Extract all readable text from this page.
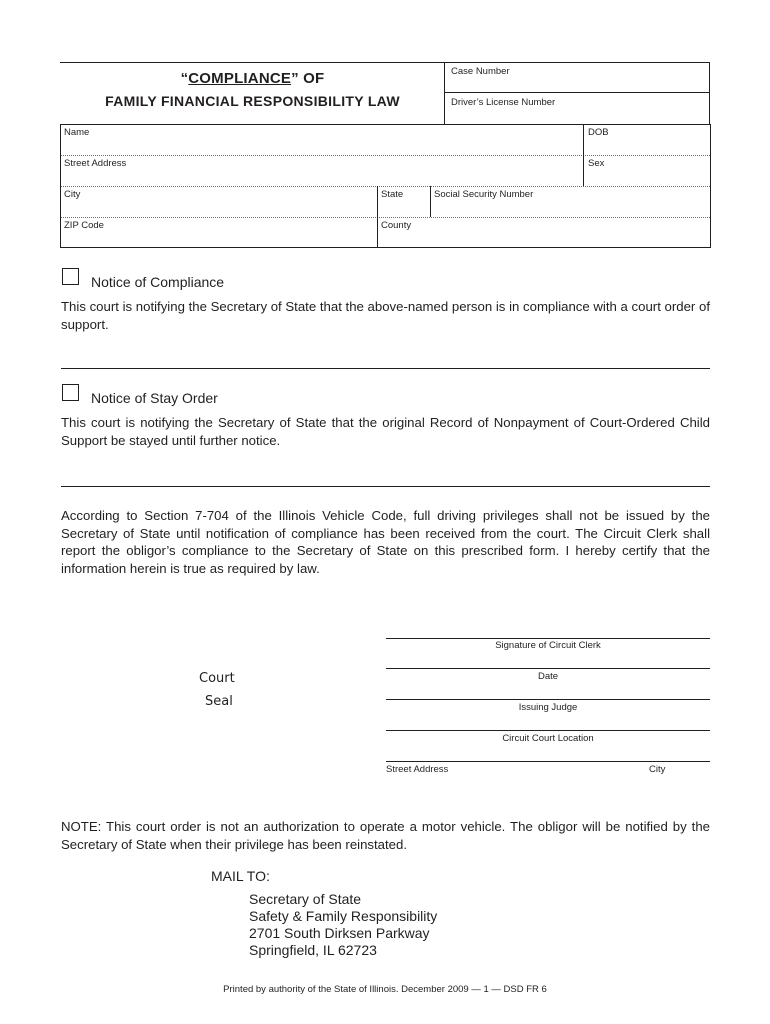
“COMPLIANCE” OF
FAMILY FINANCIAL RESPONSIBILITY LAW
Case Number
Driver’s License Number
Name	DOB
Street Address	Sex
City	State	Social Security Number
ZIP Code	County
Notice of Compliance
This court is notifying the Secretary of State that the above-named person is in compliance with a court order of support.
Notice of Stay Order
This court is notifying the Secretary of State that the original Record of Nonpayment of Court-Ordered Child Support be stayed until further notice.
According to Section 7-704 of the Illinois Vehicle Code, full driving privileges shall not be issued by the Secretary of State until notification of compliance has been received from the court. The Circuit Clerk shall report the obligor’s compliance to the Secretary of State on this prescribed form. I hereby certify that the information herein is true as required by law.
Court
Seal
Signature of Circuit Clerk
Date
Issuing Judge
Circuit Court Location
Street Address	City
NOTE: This court order is not an authorization to operate a motor vehicle. The obligor will be notified by the Secretary of State when their privilege has been reinstated.
MAIL TO:
Secretary of State
Safety & Family Responsibility
2701 South Dirksen Parkway
Springfield, IL 62723
Printed by authority of the State of Illinois. December 2009 — 1 — DSD FR 6
